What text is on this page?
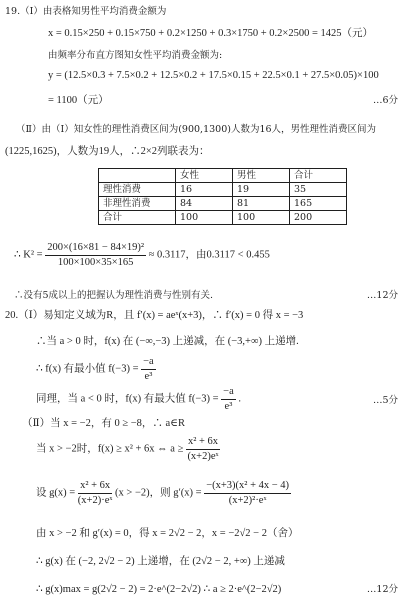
19.（Ⅰ）由表格知男性平均消费金额为
x = 0.15×250 + 0.15×750 + 0.2×1250 + 0.3×1750 + 0.2×2500 = 1425（元）
由频率分布直方图知女性平均消费金额为:
y = (12.5×0.3 + 7.5×0.2 + 12.5×0.2 + 17.5×0.15 + 22.5×0.1 + 27.5×0.05)×100
= 1100（元）	…6分
（Ⅱ）由（Ⅰ）知女性的理性消费区间为(900,1300)人数为16人，男性理性消费区间为
(1225,1625)，人数为19人，∴2×2列联表为：
	女性	男性	合计
理性消费	16	19	35
非理性消费	84	81	165
合计	100	100	200
∴ $K^2 = \frac{\text{200×(16×81 − 84×19)²}}{100\times 100\times 35\times 165} \approx 0.3117$，由0.3117 < 0.455
∴没有5成以上的把握认为理性消费与性别有关.	…12分
20.（Ⅰ）易知定义域为R，且 f′(x) = aeˣ(x+3)，∴ f′(x) = 0 得 x = −3
∴当 a > 0 时，f(x) 在 (−∞,−3) 上递减，在 (−3,+∞) 上递增.
∴ f(x) 有最小值 $f(-3) = \frac{-a}{\text{e³}}$
同理，当 a < 0 时，f(x) 有最大值 $f(-3) = \frac{-a}{\text{e³}}$ .	…5分
（Ⅱ）当 x = −2，有 0 ≥ −8，∴ a∈R
当 x > −2时，f(x) ≥ x² + 6x ⇔ $a \ge \frac{\text{x² + 6x}}{\text{(x+2)eˣ}}$
设 $g(x) = \frac{\text{x² + 6x}}{\text{(x+2)·eˣ}} (x > -2)$，则 $g'(x) = \frac{\text{−(x+3)(x² + 4x − 4)}}{\text{(x+2)²·eˣ}}$
由 x > −2 和 g′(x) = 0，得 x = 2√2 − 2，x = −2√2 − 2（舍）
∴ g(x) 在 (−2, 2√2 − 2) 上递增，在 (2√2 − 2, +∞) 上递减
∴ g(x)max = g(2√2 − 2) = 2·e^(2−2√2) ∴ a ≥ 2·e^(2−2√2)	…12分
